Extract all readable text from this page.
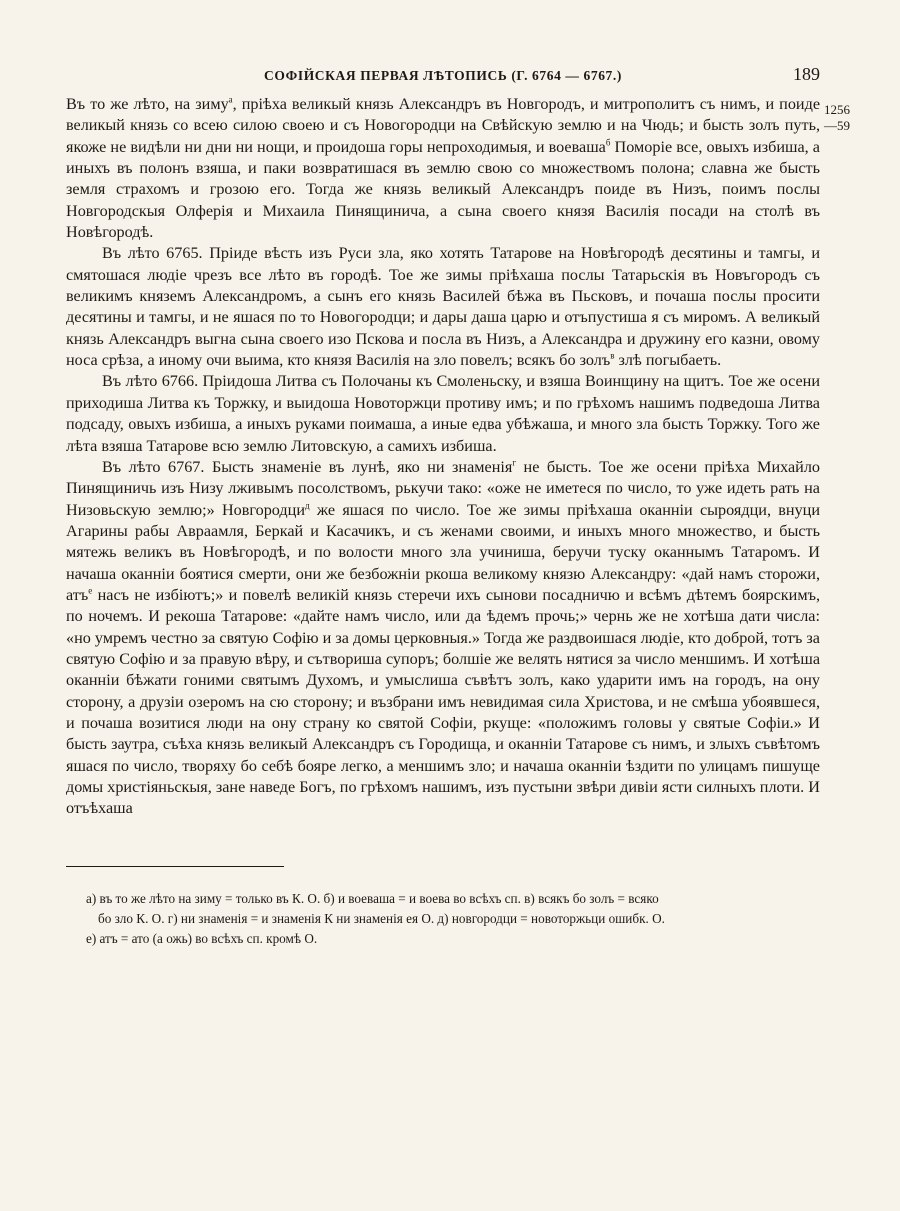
СОФІЙСКАЯ ПЕРВАЯ ЛѢТОПИСЬ (Г. 6764 — 6767.)	189
1256
—59

Въ то же лѣто, на зиму$^а$, пріѣха великый князь Александръ въ Новгородъ, и митрополитъ съ нимъ, и поиде великый князь со всею силою своею и съ Новогородци на Свѣйскую землю и на Чюдь; и бысть золъ путь, якоже не видѣли ни дни ни нощи, и проидоша горы непроходимыя, и воеваша$^б$ Поморіе все, овыхъ избиша, а иныхъ въ полонъ взяша, и паки возвратишася въ землю свою со множествомъ полона; славна же бысть земля страхомъ и грозою его. Тогда же князь великый Александръ поиде въ Низъ, поимъ послы Новгородскыя Олферія и Михаила Пинящинича, а сына своего князя Василія посади на столѣ въ Новѣгородѣ.

Въ лѣто 6765. Пріиде вѣсть изъ Руси зла, яко хотять Татарове на Новѣгородѣ десятины и тамгы, и смятошася людіе чрезъ все лѣто въ городѣ. Тое же зимы пріѣхаша послы Татарьскія въ Новъгородъ съ великимъ княземъ Александромъ, а сынъ его князь Василей бѣжа въ Пьсковъ, и почаша послы просити десятины и тамгы, и не яшася по то Новогородци; и дары даша царю и отъпустиша я съ миромъ. А великый князь Александръ выгна сына своего изо Пскова и посла въ Низъ, а Александра и дружину его казни, овому носа срѣза, а иному очи выима, кто князя Василія на зло повелъ; всякъ бо золъ$^в$ злѣ погыбаеть.

Въ лѣто 6766. Пріидоша Литва съ Полочаны къ Смоленьску, и взяша Воинщину на щитъ. Тое же осени приходиша Литва къ Торжку, и выидоша Новоторжци противу имъ; и по грѣхомъ нашимъ подведоша Литва подсаду, овыхъ избиша, а иныхъ руками поимаша, а иные едва убѣжаша, и много зла бысть Торжку. Того же лѣта взяша Татарове всю землю Литовскую, а самихъ избиша.

Въ лѣто 6767. Бысть знаменіе въ лунѣ, яко ни знаменія$^г$ не бысть. Тое же осени пріѣха Михайло Пинящиничь изъ Низу лживымъ посолствомъ, рькучи тако: «оже не иметеся по число, то уже идеть рать на Низовьскую землю;» Новгородци$^д$ же яшася по число. Тое же зимы пріѣхаша оканніи сыроядци, внуци Агарины рабы Авраамля, Беркай и Касачикъ, и съ женами своими, и иныхъ много множество, и бысть мятежь великъ въ Новѣгородѣ, и по волости много зла учиниша, беручи туску оканнымъ Татаромъ. И начаша оканніи боятися смерти, они же безбожніи ркоша великому князю Александру: «дай намъ сторожи, атъ$^е$ насъ не избіютъ;» и повелѣ великій князь стеречи ихъ сынови посадничю и всѣмъ дѣтемъ боярскимъ, по ночемъ. И рекоша Татарове: «дайте намъ число, или да ѣдемъ прочь;» чернь же не хотѣша дати числа: «но умремъ честно за святую Софію и за домы церковныя.» Тогда же раздвоишася людіе, кто доброй, тотъ за святую Софію и за правую вѣру, и сътвориша супоръ; болшіе же велять нятися за число меншимъ. И хотѣша оканніи бѣжати гоними святымъ Духомъ, и умыслиша съвѣтъ золъ, како ударити имъ на городъ, на ону сторону, а друзіи озеромъ на сю сторону; и възбрани имъ невидимая сила Христова, и не смѣша убоявшеся, и почаша возитися люди на ону страну ко святой Софіи, ркуще: «положимъ головы у святые Софіи.» И бысть заутра, съѣха князь великый Александръ съ Городища, и оканніи Татарове съ нимъ, и злыхъ съвѣтомъ яшася по число, творяху бо себѣ бояре легко, а меншимъ зло; и начаша оканніи ѣздити по улицамъ пишуще домы христіяньскыя, зане наведе Богъ, по грѣхомъ нашимъ, изъ пустыни звѣри дивіи ясти силныхъ плоти. И отъѣхаша

а) въ то же лѣто на зиму = только въ К. О. б) и воеваша = и воева во всѣхъ сп. в) всякъ бо золъ = всяко

бо зло К. О. г) ни знаменія = и знаменія К ни знаменія ея О. д) новгородци = новоторжьци ошибк. О.

е) атъ = ато (а ожь) во всѣхъ сп. кромѣ О.
